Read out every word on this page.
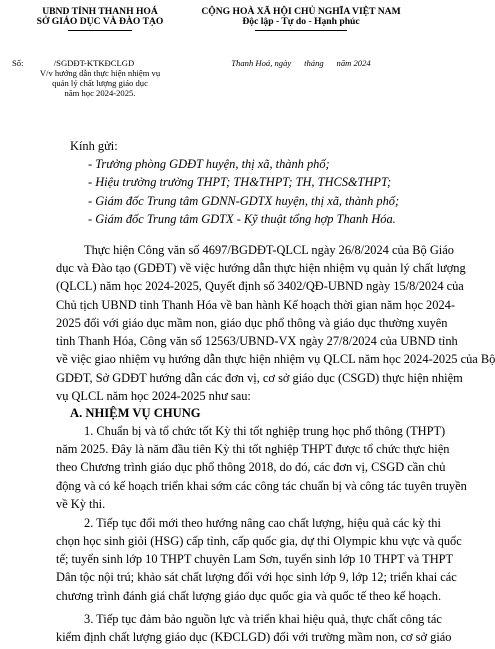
UBND TỈNH THANH HOÁ
SỞ GIÁO DỤC VÀ ĐÀO TẠO
CỘNG HOÀ XÃ HỘI CHỦ NGHĨA VIỆT NAM
Độc lập - Tự do - Hạnh phúc
Số:	/SGDĐT-KTKĐCLGD
V/v hướng dẫn thực hiện nhiệm vụ
quản lý chất lượng giáo dục
năm học 2024-2025.
Thanh Hoá, ngày      tháng      năm 2024
Kính gửi:
- Trưởng phòng GDĐT huyện, thị xã, thành phố;
- Hiệu trưởng trường THPT; TH&THPT; TH, THCS&THPT;
- Giám đốc Trung tâm GDNN-GDTX huyện, thị xã, thành phố;
- Giám đốc Trung tâm GDTX - Kỹ thuật tổng hợp Thanh Hóa.
Thực hiện Công văn số 4697/BGDĐT-QLCL ngày 26/8/2024 của Bộ Giáo
dục và Đào tạo (GDĐT) về việc hướng dẫn thực hiện nhiệm vụ quản lý chất lượng
(QLCL) năm học 2024-2025, Quyết định số 3402/QĐ-UBND ngày 15/8/2024 của
Chủ tịch UBND tỉnh Thanh Hóa về ban hành Kế hoạch thời gian năm học 2024-
2025 đối với giáo dục mầm non, giáo dục phổ thông và giáo dục thường xuyên
tỉnh Thanh Hóa, Công văn số 12563/UBND-VX ngày 27/8/2024 của UBND tỉnh
về việc giao nhiệm vụ hướng dẫn thực hiện nhiệm vụ QLCL năm học 2024-2025 của Bộ
GDĐT, Sở GDĐT hướng dẫn các đơn vị, cơ sở giáo dục (CSGD) thực hiện nhiệm
vụ QLCL năm học 2024-2025 như sau:
A. NHIỆM VỤ CHUNG
1. Chuẩn bị và tổ chức tốt Kỳ thi tốt nghiệp trung học phổ thông (THPT)
năm 2025. Đây là năm đầu tiên Kỳ thi tốt nghiệp THPT được tổ chức thực hiện
theo Chương trình giáo dục phổ thông 2018, do đó, các đơn vị, CSGD cần chủ
động và có kế hoạch triển khai sớm các công tác chuẩn bị và công tác tuyên truyền
về Kỳ thi.
2. Tiếp tục đổi mới theo hướng nâng cao chất lượng, hiệu quả các kỳ thi
chọn học sinh giỏi (HSG) cấp tỉnh, cấp quốc gia, dự thi Olympic khu vực và quốc
tế; tuyển sinh lớp 10 THPT chuyên Lam Sơn, tuyển sinh lớp 10 THPT và THPT
Dân tộc nội trú; khảo sát chất lượng đối với học sinh lớp 9, lớp 12; triển khai các
chương trình đánh giá chất lượng giáo dục quốc gia và quốc tế theo kế hoạch.
3. Tiếp tục đảm bảo nguồn lực và triển khai hiệu quả, thực chất công tác
kiểm định chất lượng giáo dục (KĐCLGD) đối với trường mầm non, cơ sở giáo
